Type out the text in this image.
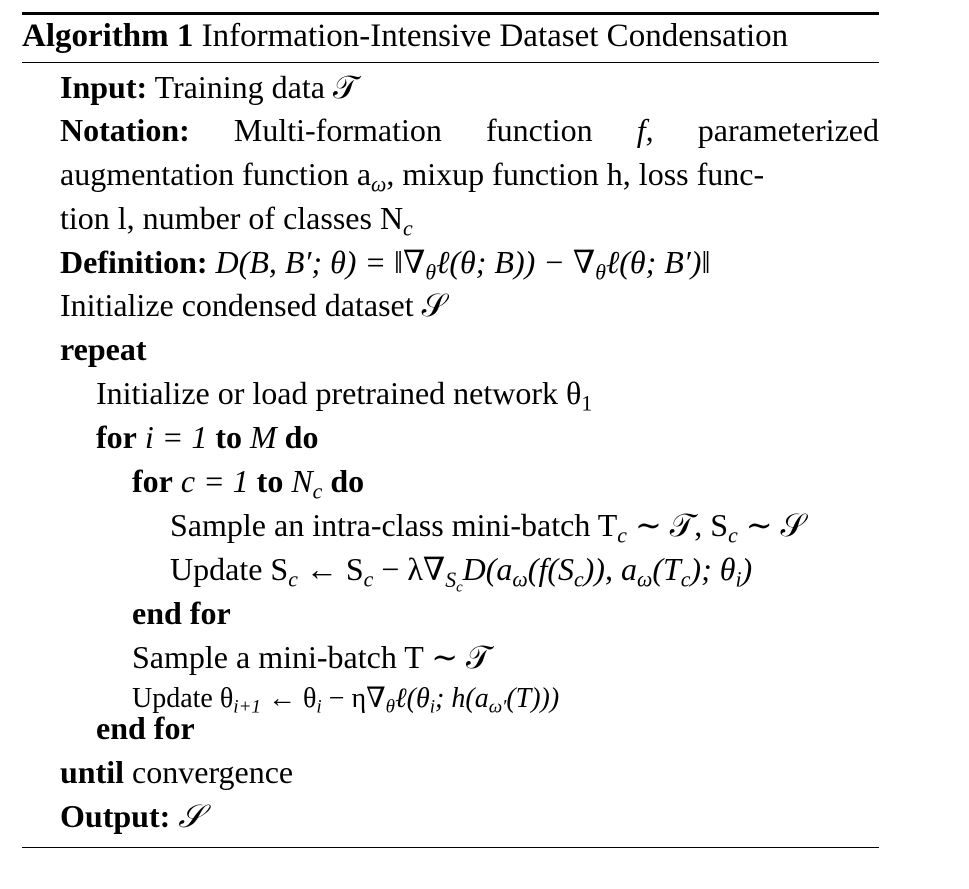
Algorithm 1 Information-Intensive Dataset Condensation
Input: Training data 𝒯
Notation: Multi-formation function f, parameterized
augmentation function $a_\omega$, mixup function h, loss func-
tion l, number of classes $N_c$
Definition: D(B, B′; $\theta) = ‖\nabla_\theta\ell(\theta$; $B)) - \nabla_\theta\ell(\theta$; B′)‖
Initialize condensed dataset 𝒮
repeat
Initialize or load pretrained network $\theta_1$
for i = 1 to M do
for c = 1 to $N_c$ do
Sample an intra-class mini-batch $T_c$ ∼ 𝒯, $S_c$ ∼ 𝒮
Update $S_c$ ← $S_c - \lambda\nabla_{S_c}D(a_\omega(f(S_c))$, $a_\omega(T_c)$; $\theta_i$)
end for
Sample a mini-batch T ∼ 𝒯
Update $\theta_{i+1}$ ← $\theta_i$ − $\eta\nabla_\theta\ell(\theta_i$; $h(a_{\omega'}(T))$)
end for
until convergence
Output: 𝒮
